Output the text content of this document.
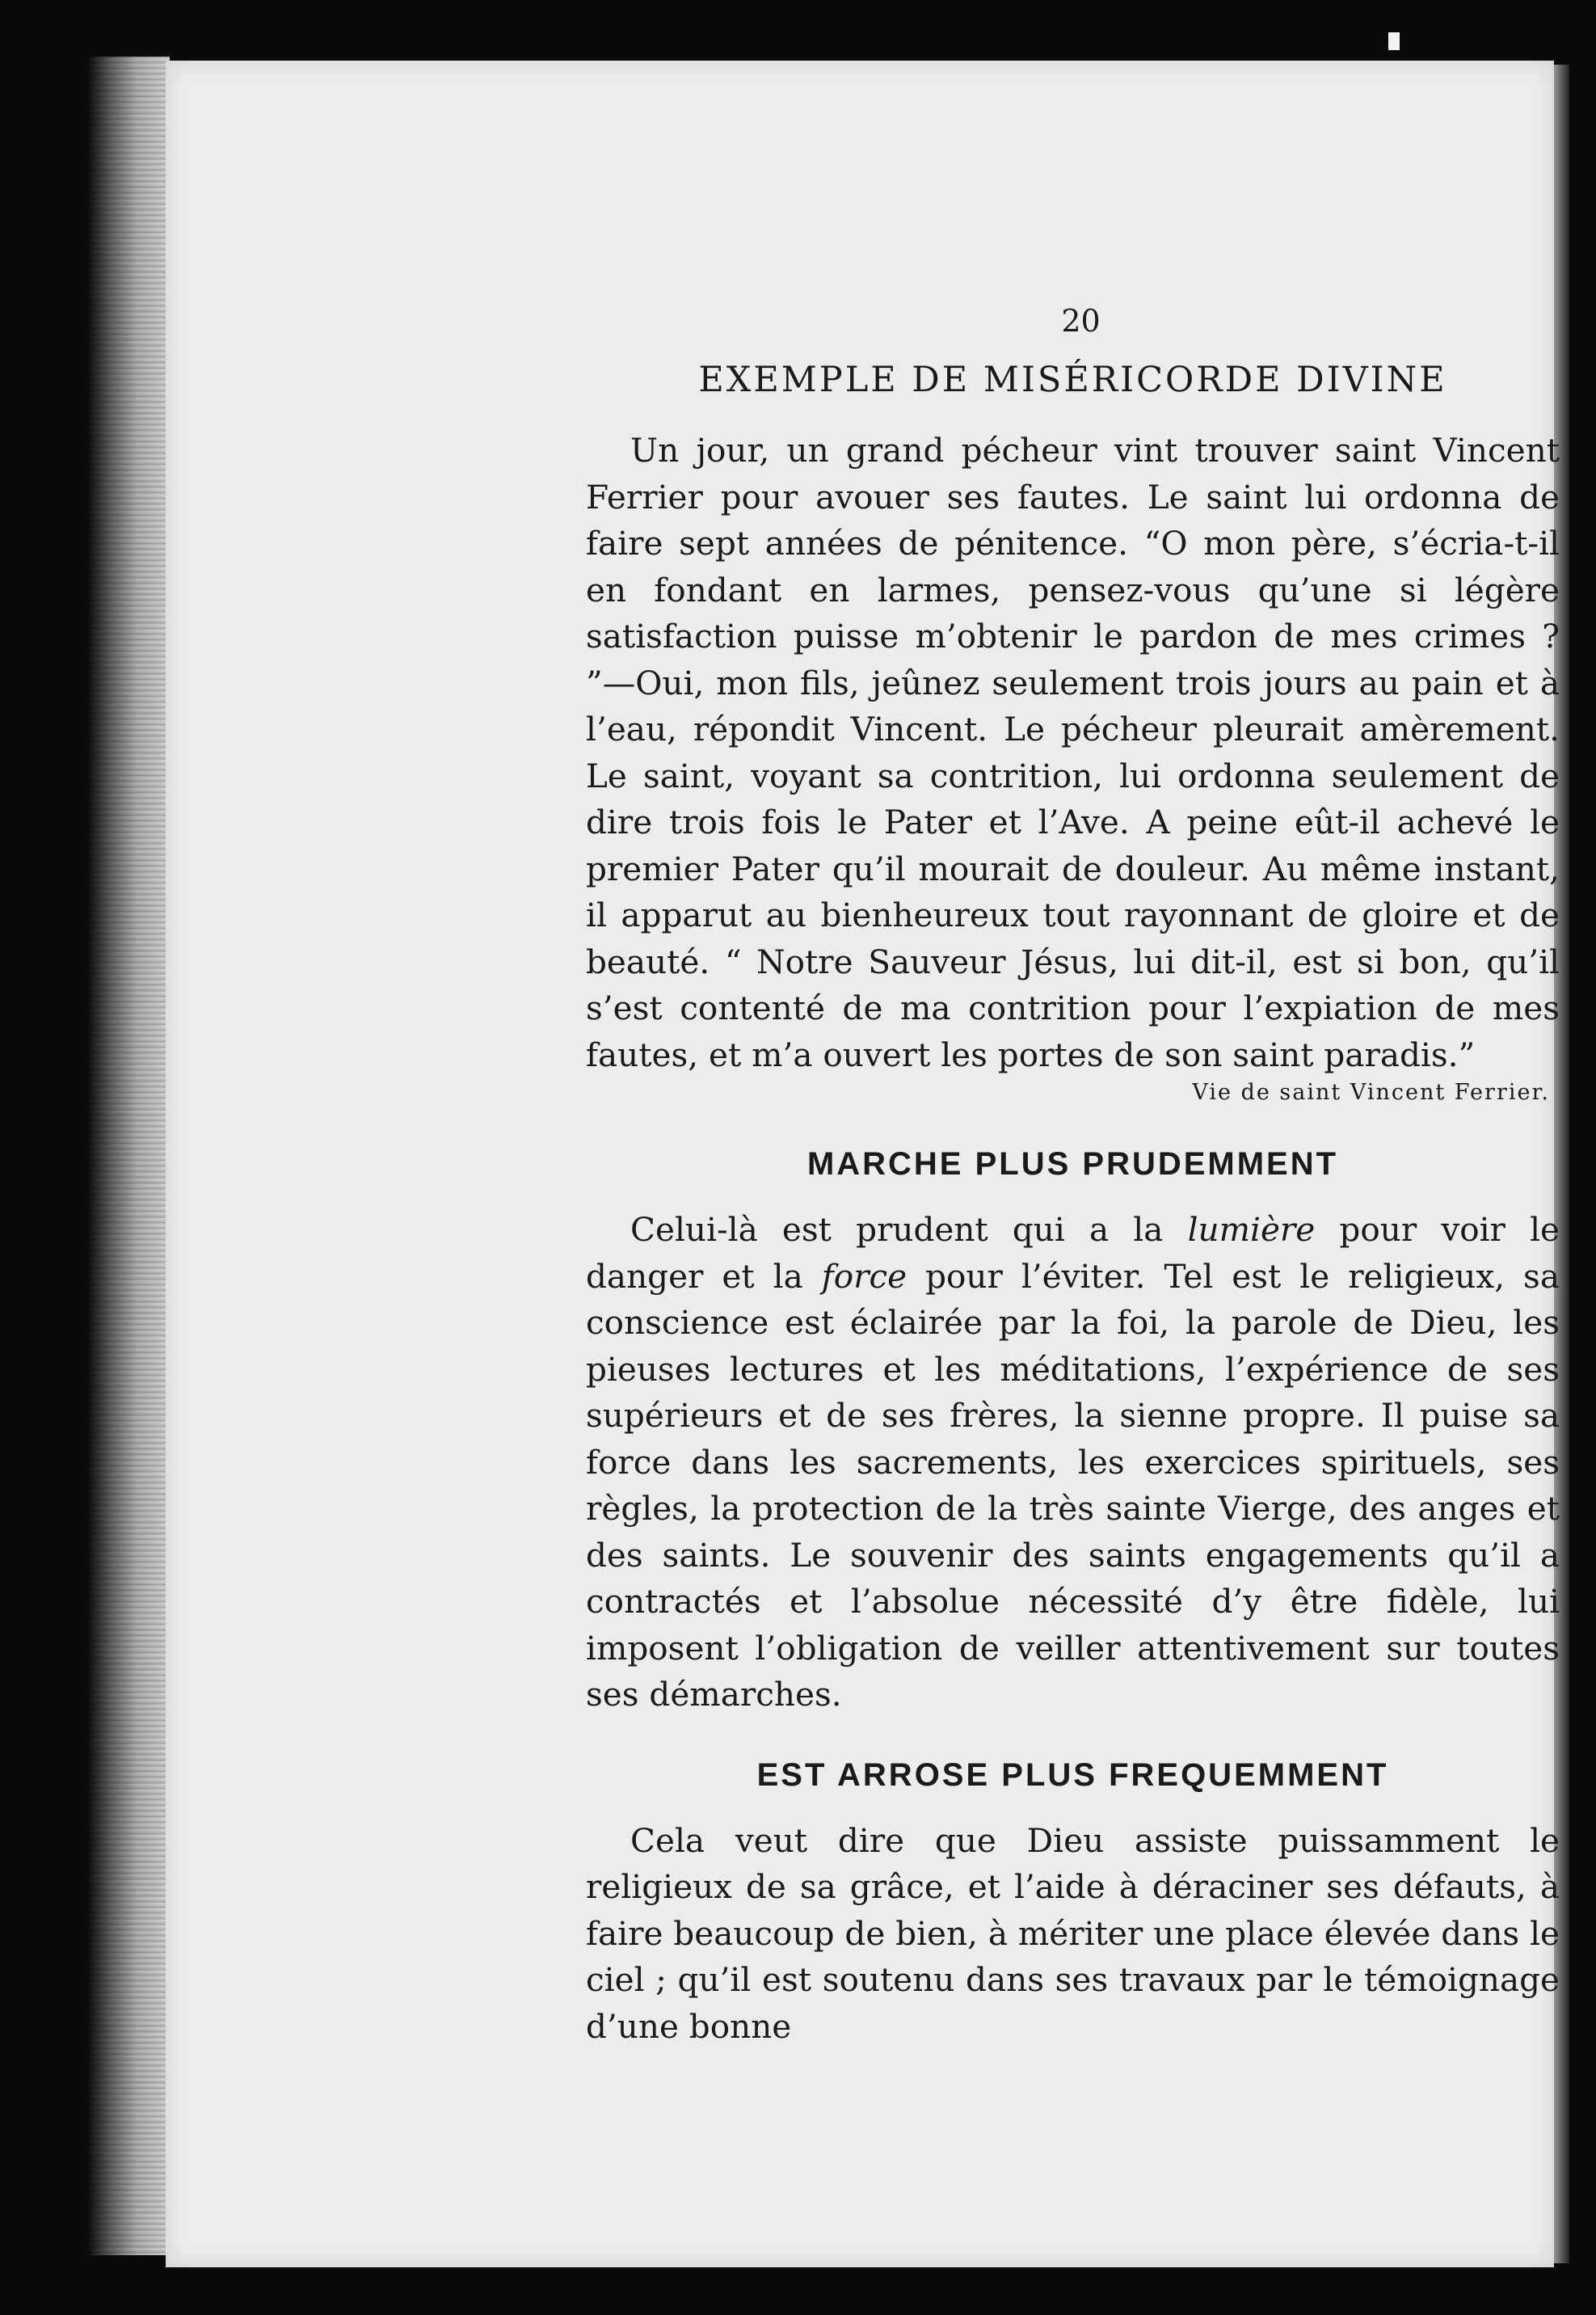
20

EXEMPLE DE MISÉRICORDE DIVINE

Un jour, un grand pécheur vint trouver saint Vincent Ferrier pour avouer ses fautes. Le saint lui ordonna de faire sept années de pénitence. “O mon père, s’écria-t-il en fondant en larmes, pensez-vous qu’une si légère satisfaction puisse m’obtenir le pardon de mes crimes ? ”—Oui, mon fils, jeûnez seulement trois jours au pain et à l’eau, répondit Vincent. Le pécheur pleurait amèrement. Le saint, voyant sa contrition, lui ordonna seulement de dire trois fois le Pater et l’Ave. A peine eût-il achevé le premier Pater qu’il mourait de douleur. Au même instant, il apparut au bienheureux tout rayonnant de gloire et de beauté. “ Notre Sauveur Jésus, lui dit-il, est si bon, qu’il s’est contenté de ma contrition pour l’expiation de mes fautes, et m’a ouvert les portes de son saint paradis.”

Vie de saint Vincent Ferrier.

MARCHE PLUS PRUDEMMENT

Celui-là est prudent qui a la lumière pour voir le danger et la force pour l’éviter. Tel est le religieux, sa conscience est éclairée par la foi, la parole de Dieu, les pieuses lectures et les méditations, l’expérience de ses supérieurs et de ses frères, la sienne propre. Il puise sa force dans les sacrements, les exercices spirituels, ses règles, la protection de la très sainte Vierge, des anges et des saints. Le souvenir des saints engagements qu’il a contractés et l’absolue nécessité d’y être fidèle, lui imposent l’obligation de veiller attentivement sur toutes ses démarches.

EST ARROSE PLUS FREQUEMMENT

Cela veut dire que Dieu assiste puissamment le religieux de sa grâce, et l’aide à déraciner ses défauts, à faire beaucoup de bien, à mériter une place élevée dans le ciel ; qu’il est soutenu dans ses travaux par le témoignage d’une bonne
